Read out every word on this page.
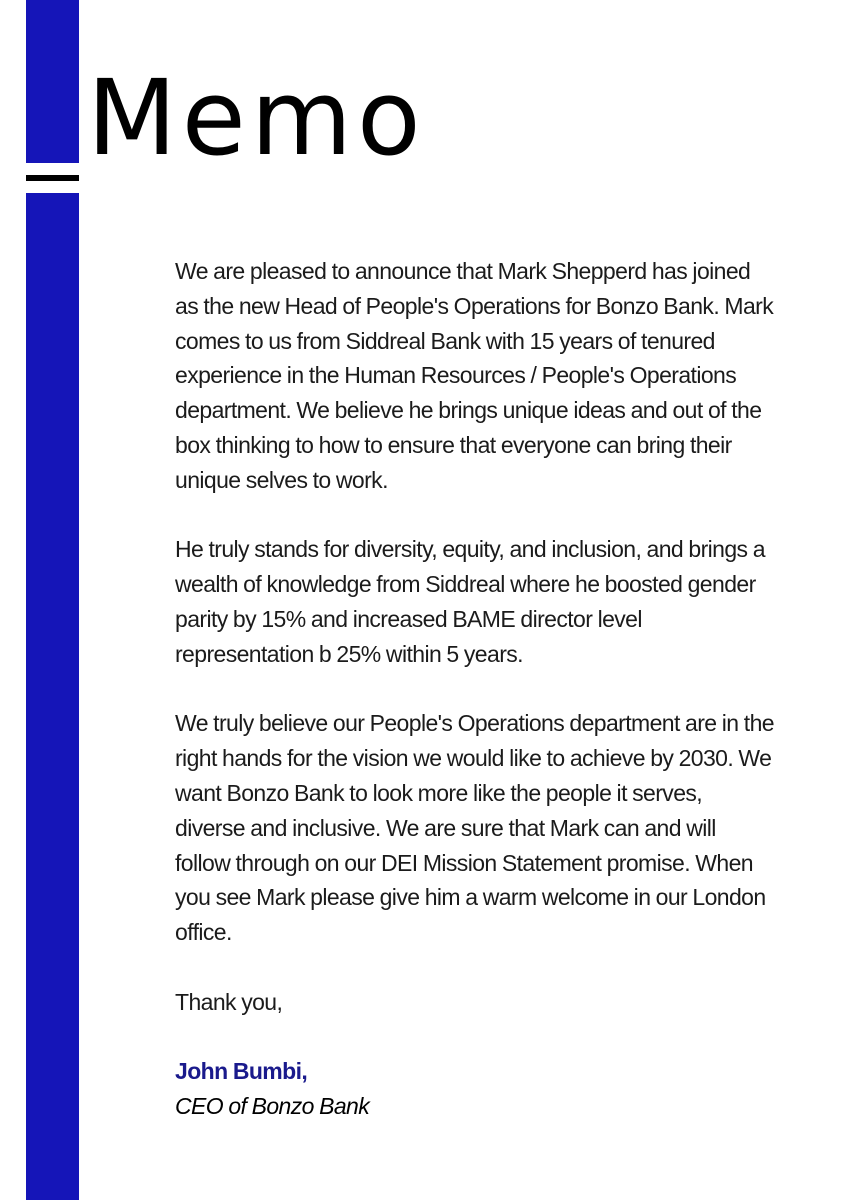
Memo

We are pleased to announce that Mark Shepperd has joined as the new Head of People's Operations for Bonzo Bank. Mark comes to us from Siddreal Bank with 15 years of tenured experience in the Human Resources / People's Operations department. We believe he brings unique ideas and out of the box thinking to how to ensure that everyone can bring their unique selves to work.

He truly stands for diversity, equity, and inclusion, and brings a wealth of knowledge from Siddreal where he boosted gender parity by 15% and increased BAME director level representation b 25% within 5 years.

We truly believe our People's Operations department are in the right hands for the vision we would like to achieve by 2030. We want Bonzo Bank to look more like the people it serves, diverse and inclusive. We are sure that Mark can and will follow through on our DEI Mission Statement promise. When you see Mark please give him a warm welcome in our London office.

Thank you,

John Bumbi,
CEO of Bonzo Bank
